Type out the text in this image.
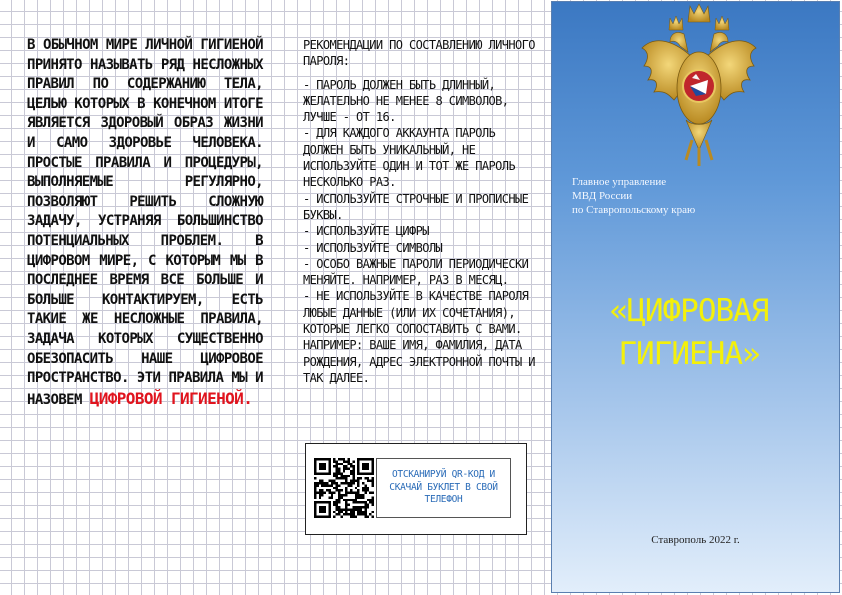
В ОБЫЧНОМ МИРЕ ЛИЧНОЙ ГИГИЕНОЙ ПРИНЯТО НАЗЫВАТЬ РЯД НЕСЛОЖНЫХ ПРАВИЛ ПО СОДЕРЖАНИЮ ТЕЛА, ЦЕЛЬЮ КОТОРЫХ В КОНЕЧНОМ ИТОГЕ ЯВЛЯЕТСЯ ЗДОРОВЫЙ ОБРАЗ ЖИЗНИ И САМО ЗДОРОВЬЕ ЧЕЛОВЕКА. ПРОСТЫЕ ПРАВИЛА И ПРОЦЕДУРЫ, ВЫПОЛНЯЕМЫЕ РЕГУЛЯРНО, ПОЗВОЛЯЮТ РЕШИТЬ СЛОЖНУЮ ЗАДАЧУ, УСТРАНЯЯ БОЛЬШИНСТВО ПОТЕНЦИАЛЬНЫХ ПРОБЛЕМ. В ЦИФРОВОМ МИРЕ, С КОТОРЫМ МЫ В ПОСЛЕДНЕЕ ВРЕМЯ ВСЕ БОЛЬШЕ И БОЛЬШЕ КОНТАКТИРУЕМ, ЕСТЬ ТАКИЕ ЖЕ НЕСЛОЖНЫЕ ПРАВИЛА, ЗАДАЧА КОТОРЫХ СУЩЕСТВЕННО ОБЕЗОПАСИТЬ НАШЕ ЦИФРОВОЕ ПРОСТРАНСТВО. ЭТИ ПРАВИЛА МЫ И НАЗОВЕМ ЦИФРОВОЙ ГИГИЕНОЙ.
РЕКОМЕНДАЦИИ ПО СОСТАВЛЕНИЮ ЛИЧНОГО ПАРОЛЯ:
- ПАРОЛЬ ДОЛЖЕН БЫТЬ ДЛИННЫЙ, ЖЕЛАТЕЛЬНО НЕ МЕНЕЕ 8 СИМВОЛОВ, ЛУЧШЕ - ОТ 16.
- ДЛЯ КАЖДОГО АККАУНТА ПАРОЛЬ ДОЛЖЕН БЫТЬ УНИКАЛЬНЫЙ, НЕ ИСПОЛЬЗУЙТЕ ОДИН И ТОТ ЖЕ ПАРОЛЬ НЕСКОЛЬКО РАЗ.
- ИСПОЛЬЗУЙТЕ СТРОЧНЫЕ И ПРОПИСНЫЕ БУКВЫ.
- ИСПОЛЬЗУЙТЕ ЦИФРЫ
- ИСПОЛЬЗУЙТЕ СИМВОЛЫ
- ОСОБО ВАЖНЫЕ ПАРОЛИ ПЕРИОДИЧЕСКИ МЕНЯЙТЕ. НАПРИМЕР, РАЗ В МЕСЯЦ.
- НЕ ИСПОЛЬЗУЙТЕ В КАЧЕСТВЕ ПАРОЛЯ ЛЮБЫЕ ДАННЫЕ (ИЛИ ИХ СОЧЕТАНИЯ), КОТОРЫЕ ЛЕГКО СОПОСТАВИТЬ С ВАМИ. НАПРИМЕР: ВАШЕ ИМЯ, ФАМИЛИЯ, ДАТА РОЖДЕНИЯ, АДРЕС ЭЛЕКТРОННОЙ ПОЧТЫ И ТАК ДАЛЕЕ.
ОТСКАНИРУЙ QR-КОД И СКАЧАЙ БУКЛЕТ В СВОЙ ТЕЛЕФОН
Главное управление
МВД России
по Ставропольскому краю
«ЦИФРОВАЯ
ГИГИЕНА»
Ставрополь 2022 г.
